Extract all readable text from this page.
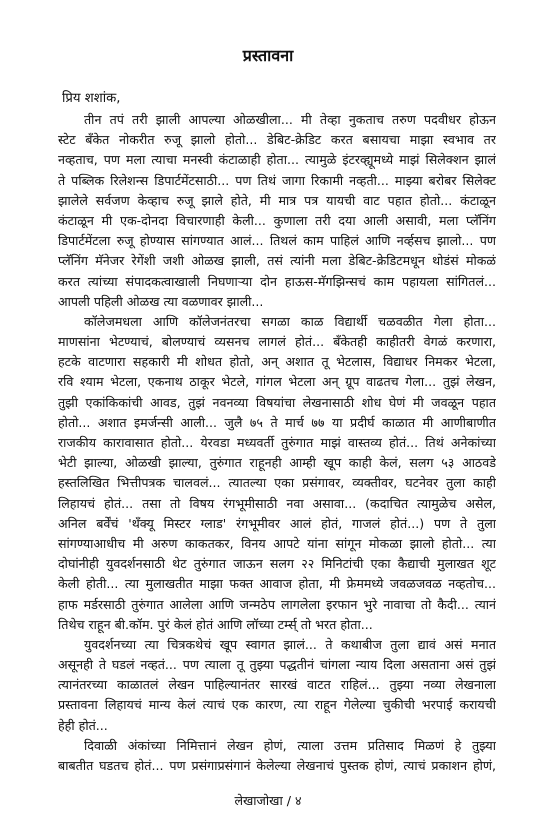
प्रस्तावना
प्रिय शशांक,
तीन तपं तरी झाली आपल्या ओळखीला... मी तेव्हा नुकताच तरुण पदवीधर होऊन
स्टेट बँकेत नोकरीत रुजू झालो होतो... डेबिट-क्रेडिट करत बसायचा माझा स्वभाव तर
नव्हताच, पण मला त्याचा मनस्वी कंटाळाही होता... त्यामुळे इंटरव्ह्यूमध्ये माझं सिलेक्शन झालं
ते पब्लिक रिलेशन्स डिपार्टमेंटसाठी... पण तिथं जागा रिकामी नव्हती... माझ्या बरोबर सिलेक्ट
झालेले सर्वजण केव्हाच रुजू झाले होते, मी मात्र पत्र यायची वाट पहात होतो... कंटाळून
कंटाळून मी एक-दोनदा विचारणाही केली... कुणाला तरी दया आली असावी, मला प्लॅनिंग
डिपार्टमेंटला रुजू होण्यास सांगण्यात आलं... तिथलं काम पाहिलं आणि नर्व्हसच झालो... पण
प्लॅनिंग मॅनेजर रेगेंशी जशी ओळख झाली, तसं त्यांनी मला डेबिट-क्रेडिटमधून थोडंसं मोकळं
करत त्यांच्या संपादकत्वाखाली निघणाऱ्या दोन हाऊस-मॅगझिन्सचं काम पहायला सांगितलं...
आपली पहिली ओळख त्या वळणावर झाली...
कॉलेजमधला आणि कॉलेजनंतरचा सगळा काळ विद्यार्थी चळवळीत गेला होता...
माणसांना भेटण्याचं, बोलण्याचं व्यसनच लागलं होतं... बँकेतही काहीतरी वेगळं करणारा,
हटके वाटणारा सहकारी मी शोधत होतो, अन् अशात तू भेटलास, विद्याधर निमकर भेटला,
रवि श्याम भेटला, एकनाथ ठाकूर भेटले, गांगल भेटला अन् ग्रूप वाढतच गेला... तुझं लेखन,
तुझी एकांकिकांची आवड, तुझं नवनव्या विषयांचा लेखनासाठी शोध घेणं मी जवळून पहात
होतो... अशात इमर्जन्सी आली... जुलै ७५ ते मार्च ७७ या प्रदीर्घ काळात मी आणीबाणीत
राजकीय कारावासात होतो... येरवडा मध्यवर्ती तुरुंगात माझं वास्तव्य होतं... तिथं अनेकांच्या
भेटी झाल्या, ओळखी झाल्या, तुरुंगात राहूनही आम्ही खूप काही केलं, सलग ५३ आठवडे
हस्तलिखित भित्तीपत्रक चालवलं... त्यातल्या एका प्रसंगावर, व्यक्तीवर, घटनेवर तुला काही
लिहायचं होतं... तसा तो विषय रंगभूमीसाठी नवा असावा... (कदाचित त्यामुळेच असेल,
अनिल बर्वेंचं 'थँक्यू मिस्टर ग्लाड' रंगभूमीवर आलं होतं, गाजलं होतं...) पण ते तुला
सांगण्याआधीच मी अरुण काकतकर, विनय आपटे यांना सांगून मोकळा झालो होतो... त्या
दोघांनीही युवदर्शनसाठी थेट तुरुंगात जाऊन सलग २२ मिनिटांची एका कैद्याची मुलाखत शूट
केली होती... त्या मुलाखतीत माझा फक्त आवाज होता, मी फ्रेममध्ये जवळजवळ नव्हतोच...
हाफ मर्डरसाठी तुरुंगात आलेला आणि जन्मठेप लागलेला इरफान भुरे नावाचा तो कैदी... त्यानं
तिथेच राहून बी.कॉम. पुरं केलं होतं आणि लॉच्या टर्म्स् तो भरत होता...
युवदर्शनच्या त्या चित्रकथेचं खूप स्वागत झालं... ते कथाबीज तुला द्यावं असं मनात
असूनही ते घडलं नव्हतं... पण त्याला तू तुझ्या पद्धतीनं चांगला न्याय दिला असताना असं तुझं
त्यानंतरच्या काळातलं लेखन पाहिल्यानंतर सारखं वाटत राहिलं... तुझ्या नव्या लेखनाला
प्रस्तावना लिहायचं मान्य केलं त्याचं एक कारण, त्या राहून गेलेल्या चुकीची भरपाई करायची
हेही होतं...
दिवाळी अंकांच्या निमित्तानं लेखन होणं, त्याला उत्तम प्रतिसाद मिळणं हे तुझ्या
बाबतीत घडतच होतं... पण प्रसंगाप्रसंगानं केलेल्या लेखनाचं पुस्तक होणं, त्याचं प्रकाशन होणं,
लेखाजोखा / ४
